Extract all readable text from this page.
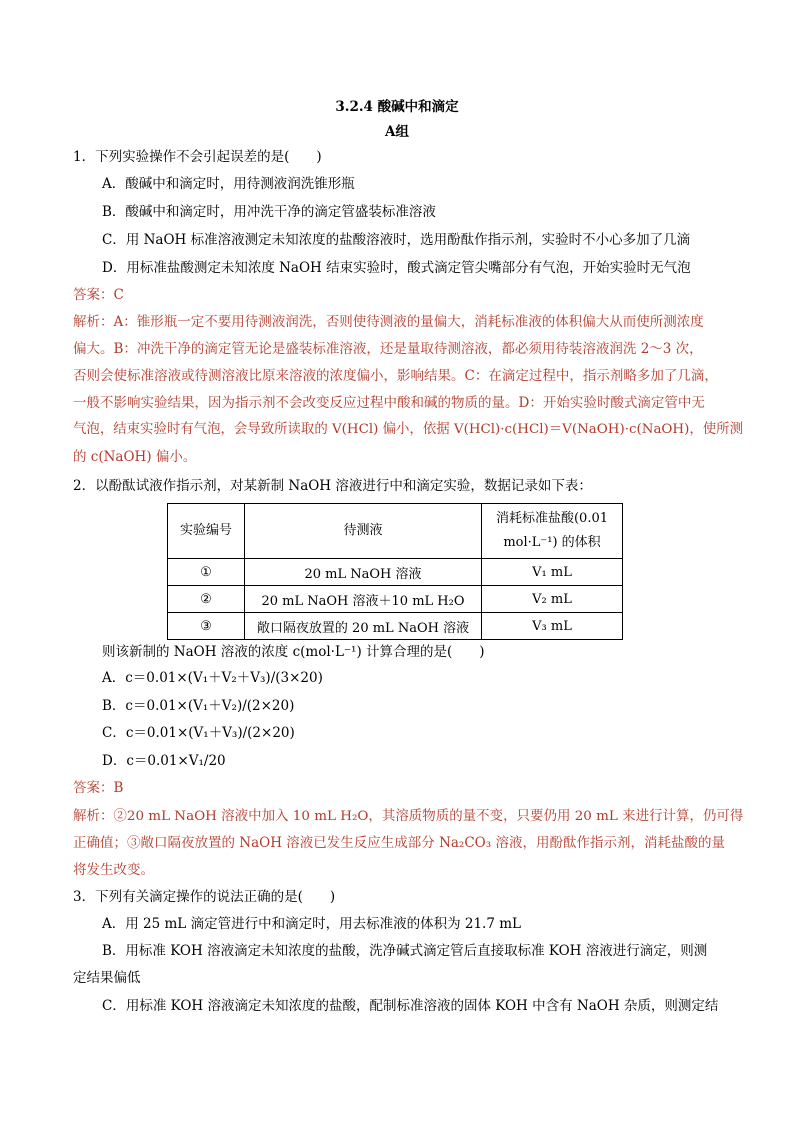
3.2.4 酸碱中和滴定
A组
1．下列实验操作不会引起误差的是(　　)
A．酸碱中和滴定时，用待测液润洗锥形瓶
B．酸碱中和滴定时，用冲洗干净的滴定管盛装标准溶液
C．用 NaOH 标准溶液测定未知浓度的盐酸溶液时，选用酚酞作指示剂，实验时不小心多加了几滴
D．用标准盐酸测定未知浓度 NaOH 结束实验时，酸式滴定管尖嘴部分有气泡，开始实验时无气泡
答案：C
解析：A：锥形瓶一定不要用待测液润洗，否则使待测液的量偏大，消耗标准液的体积偏大从而使所测浓度
偏大。B：冲洗干净的滴定管无论是盛装标准溶液，还是量取待测溶液，都必须用待装溶液润洗 2～3 次，
否则会使标准溶液或待测溶液比原来溶液的浓度偏小，影响结果。C：在滴定过程中，指示剂略多加了几滴，
一般不影响实验结果，因为指示剂不会改变反应过程中酸和碱的物质的量。D：开始实验时酸式滴定管中无
气泡，结束实验时有气泡，会导致所读取的 V(HCl) 偏小，依据 V(HCl)·c(HCl)＝V(NaOH)·c(NaOH)，使所测
的 c(NaOH) 偏小。
2．以酚酞试液作指示剂，对某新制 NaOH 溶液进行中和滴定实验，数据记录如下表：
实验编号	待测液	消耗标准盐酸(0.01
mol·L⁻¹) 的体积

①	20 mL NaOH 溶液	V₁ mL
②	20 mL NaOH 溶液＋10 mL H₂O	V₂ mL
③	敞口隔夜放置的 20 mL NaOH 溶液	V₃ mL
则该新制的 NaOH 溶液的浓度 c(mol·L⁻¹) 计算合理的是(　　)
A．c＝0.01×(V₁＋V₂＋V₃)/(3×20)
B．c＝0.01×(V₁＋V₂)/(2×20)
C．c＝0.01×(V₁＋V₃)/(2×20)
D．c＝0.01×V₁/20
答案：B
解析：②20 mL NaOH 溶液中加入 10 mL H₂O，其溶质物质的量不变，只要仍用 20 mL 来进行计算，仍可得
正确值；③敞口隔夜放置的 NaOH 溶液已发生反应生成部分 Na₂CO₃ 溶液，用酚酞作指示剂，消耗盐酸的量
将发生改变。
3．下列有关滴定操作的说法正确的是(　　)
A．用 25 mL 滴定管进行中和滴定时，用去标准液的体积为 21.7 mL
B．用标准 KOH 溶液滴定未知浓度的盐酸，洗净碱式滴定管后直接取标准 KOH 溶液进行滴定，则测
定结果偏低
C．用标准 KOH 溶液滴定未知浓度的盐酸，配制标准溶液的固体 KOH 中含有 NaOH 杂质，则测定结
